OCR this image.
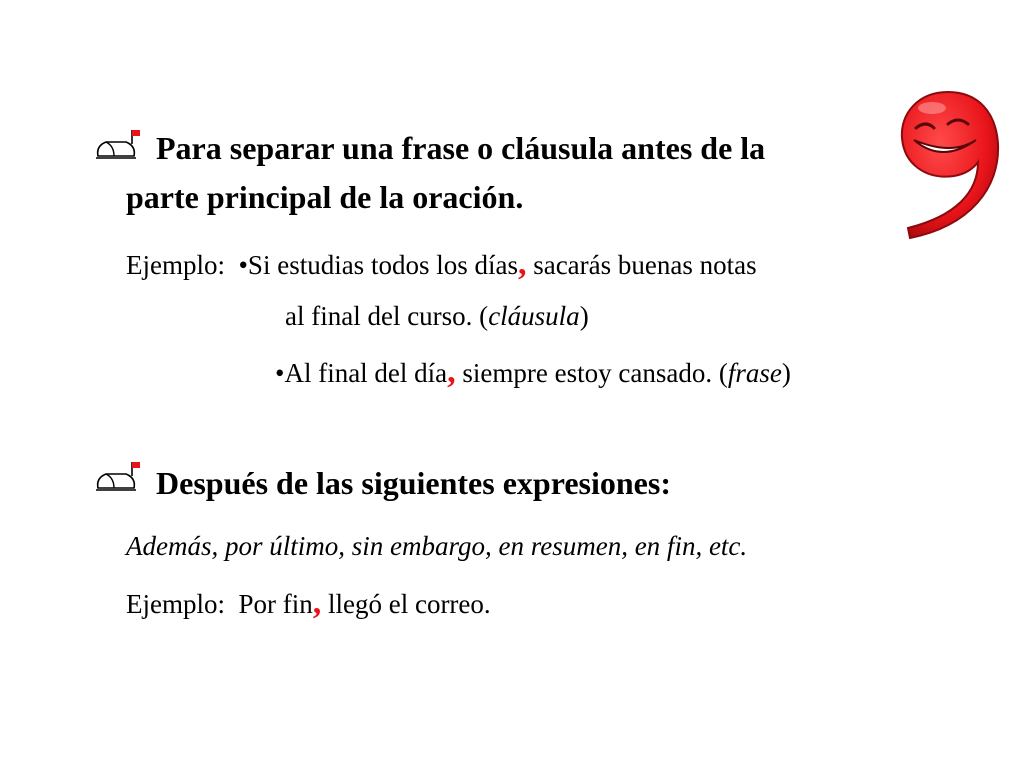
Para separar una frase o cláusula antes de la
parte principal de la oración.
Ejemplo: •Si estudias todos los días, sacarás buenas notas
al final del curso. (cláusula)
•Al final del día, siempre estoy cansado. (frase)
Después de las siguientes expresiones:
Además, por último, sin embargo, en resumen, en fin, etc.
Ejemplo: Por fin, llegó el correo.
